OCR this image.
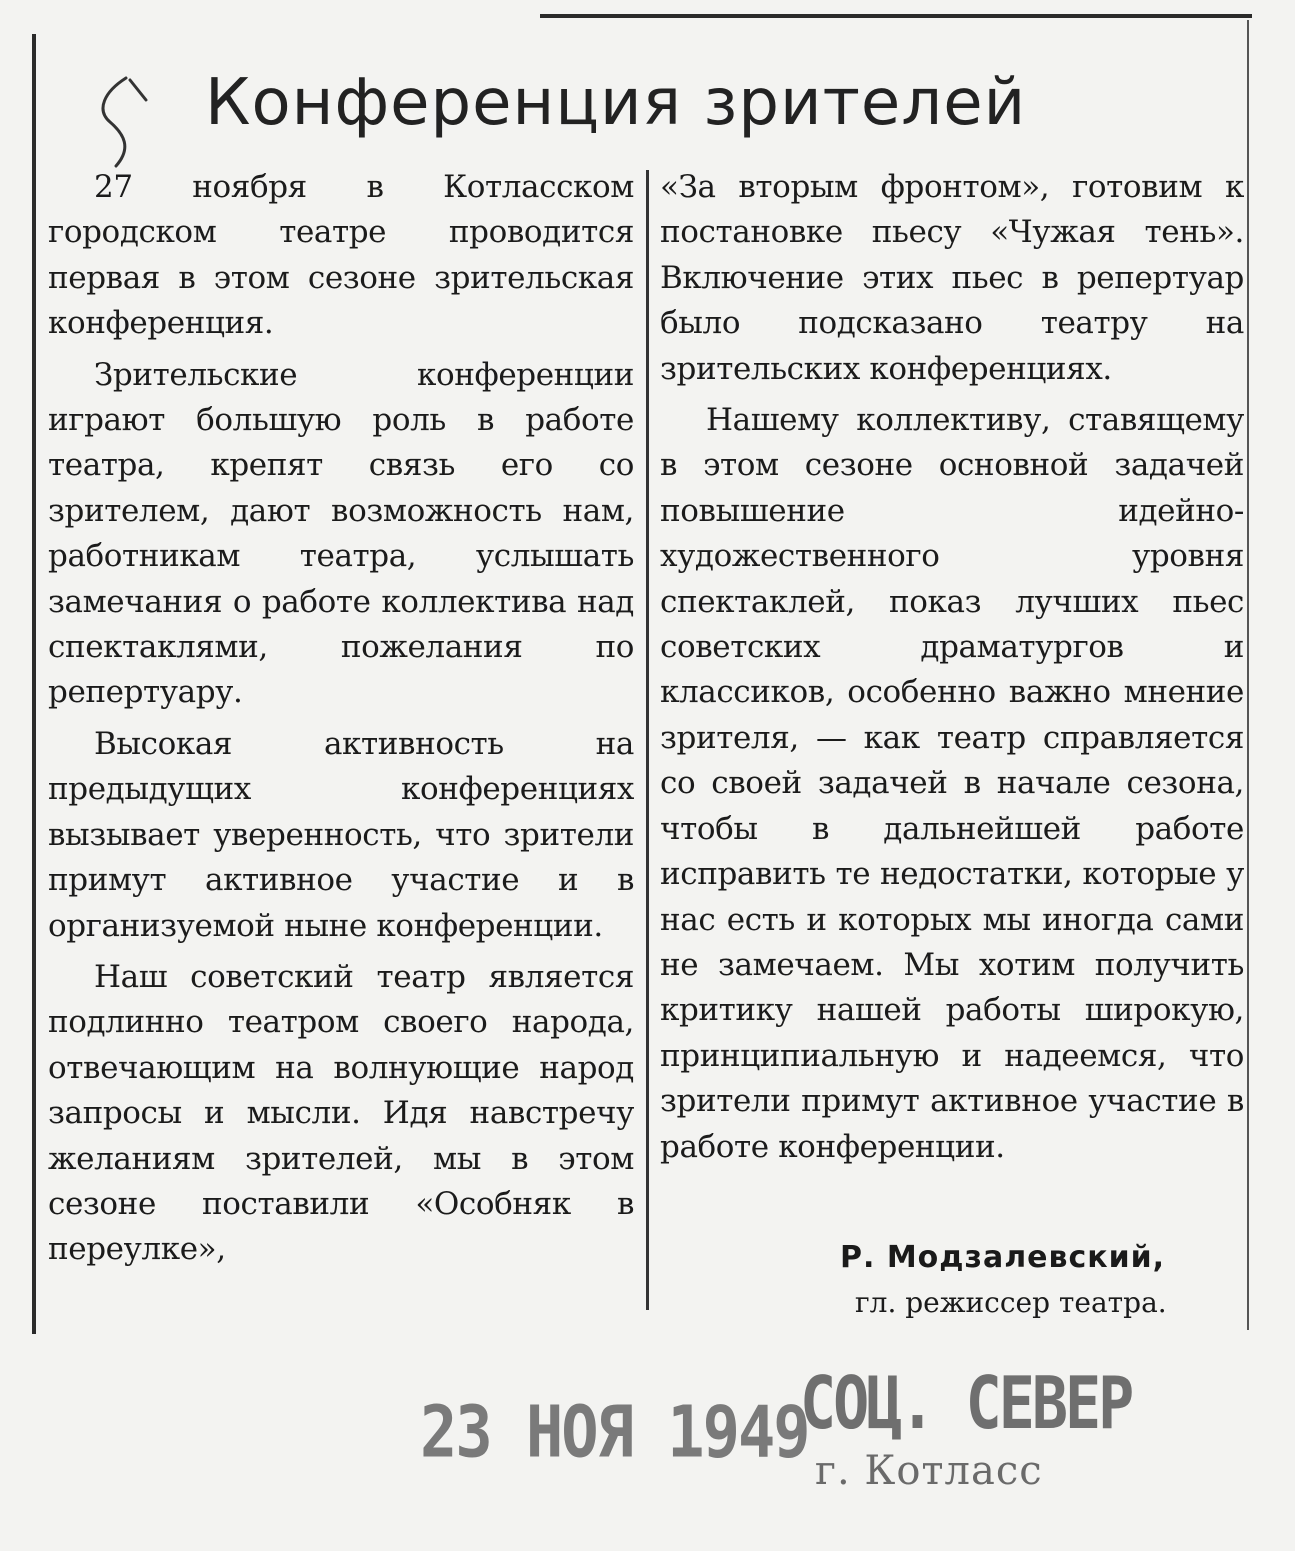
Конференция зрителей

27 ноября в Котласском городском театре проводится первая в этом сезоне зрительская конференция.

Зрительские конференции играют большую роль в работе театра, крепят связь его со зрителем, дают возможность нам, работникам театра, услышать замечания о работе коллектива над спектаклями, пожелания по репертуару.

Высокая активность на предыдущих конференциях вызывает уверенность, что зрители примут активное участие и в организуемой ныне конференции.

Наш советский театр является подлинно театром своего народа, отвечающим на волнующие народ запросы и мысли. Идя навстречу желаниям зрителей, мы в этом сезоне поставили «Особняк в переулке»,

«За вторым фронтом», готовим к постановке пьесу «Чужая тень». Включение этих пьес в репертуар было подсказано театру на зрительских конференциях.

Нашему коллективу, ставящему в этом сезоне основной задачей повышение идейно-художественного уровня спектаклей, показ лучших пьес советских драматургов и классиков, особенно важно мнение зрителя, — как театр справляется со своей задачей в начале сезона, чтобы в дальнейшей работе исправить те недостатки, которые у нас есть и которых мы иногда сами не замечаем. Мы хотим получить критику нашей работы широкую, принципиальную и надеемся, что зрители примут активное участие в работе конференции.

Р. Модзалевский,
гл. режиссер театра.
23 НОЯ 1949
СОЦ. СЕВЕР
г. Котласс
